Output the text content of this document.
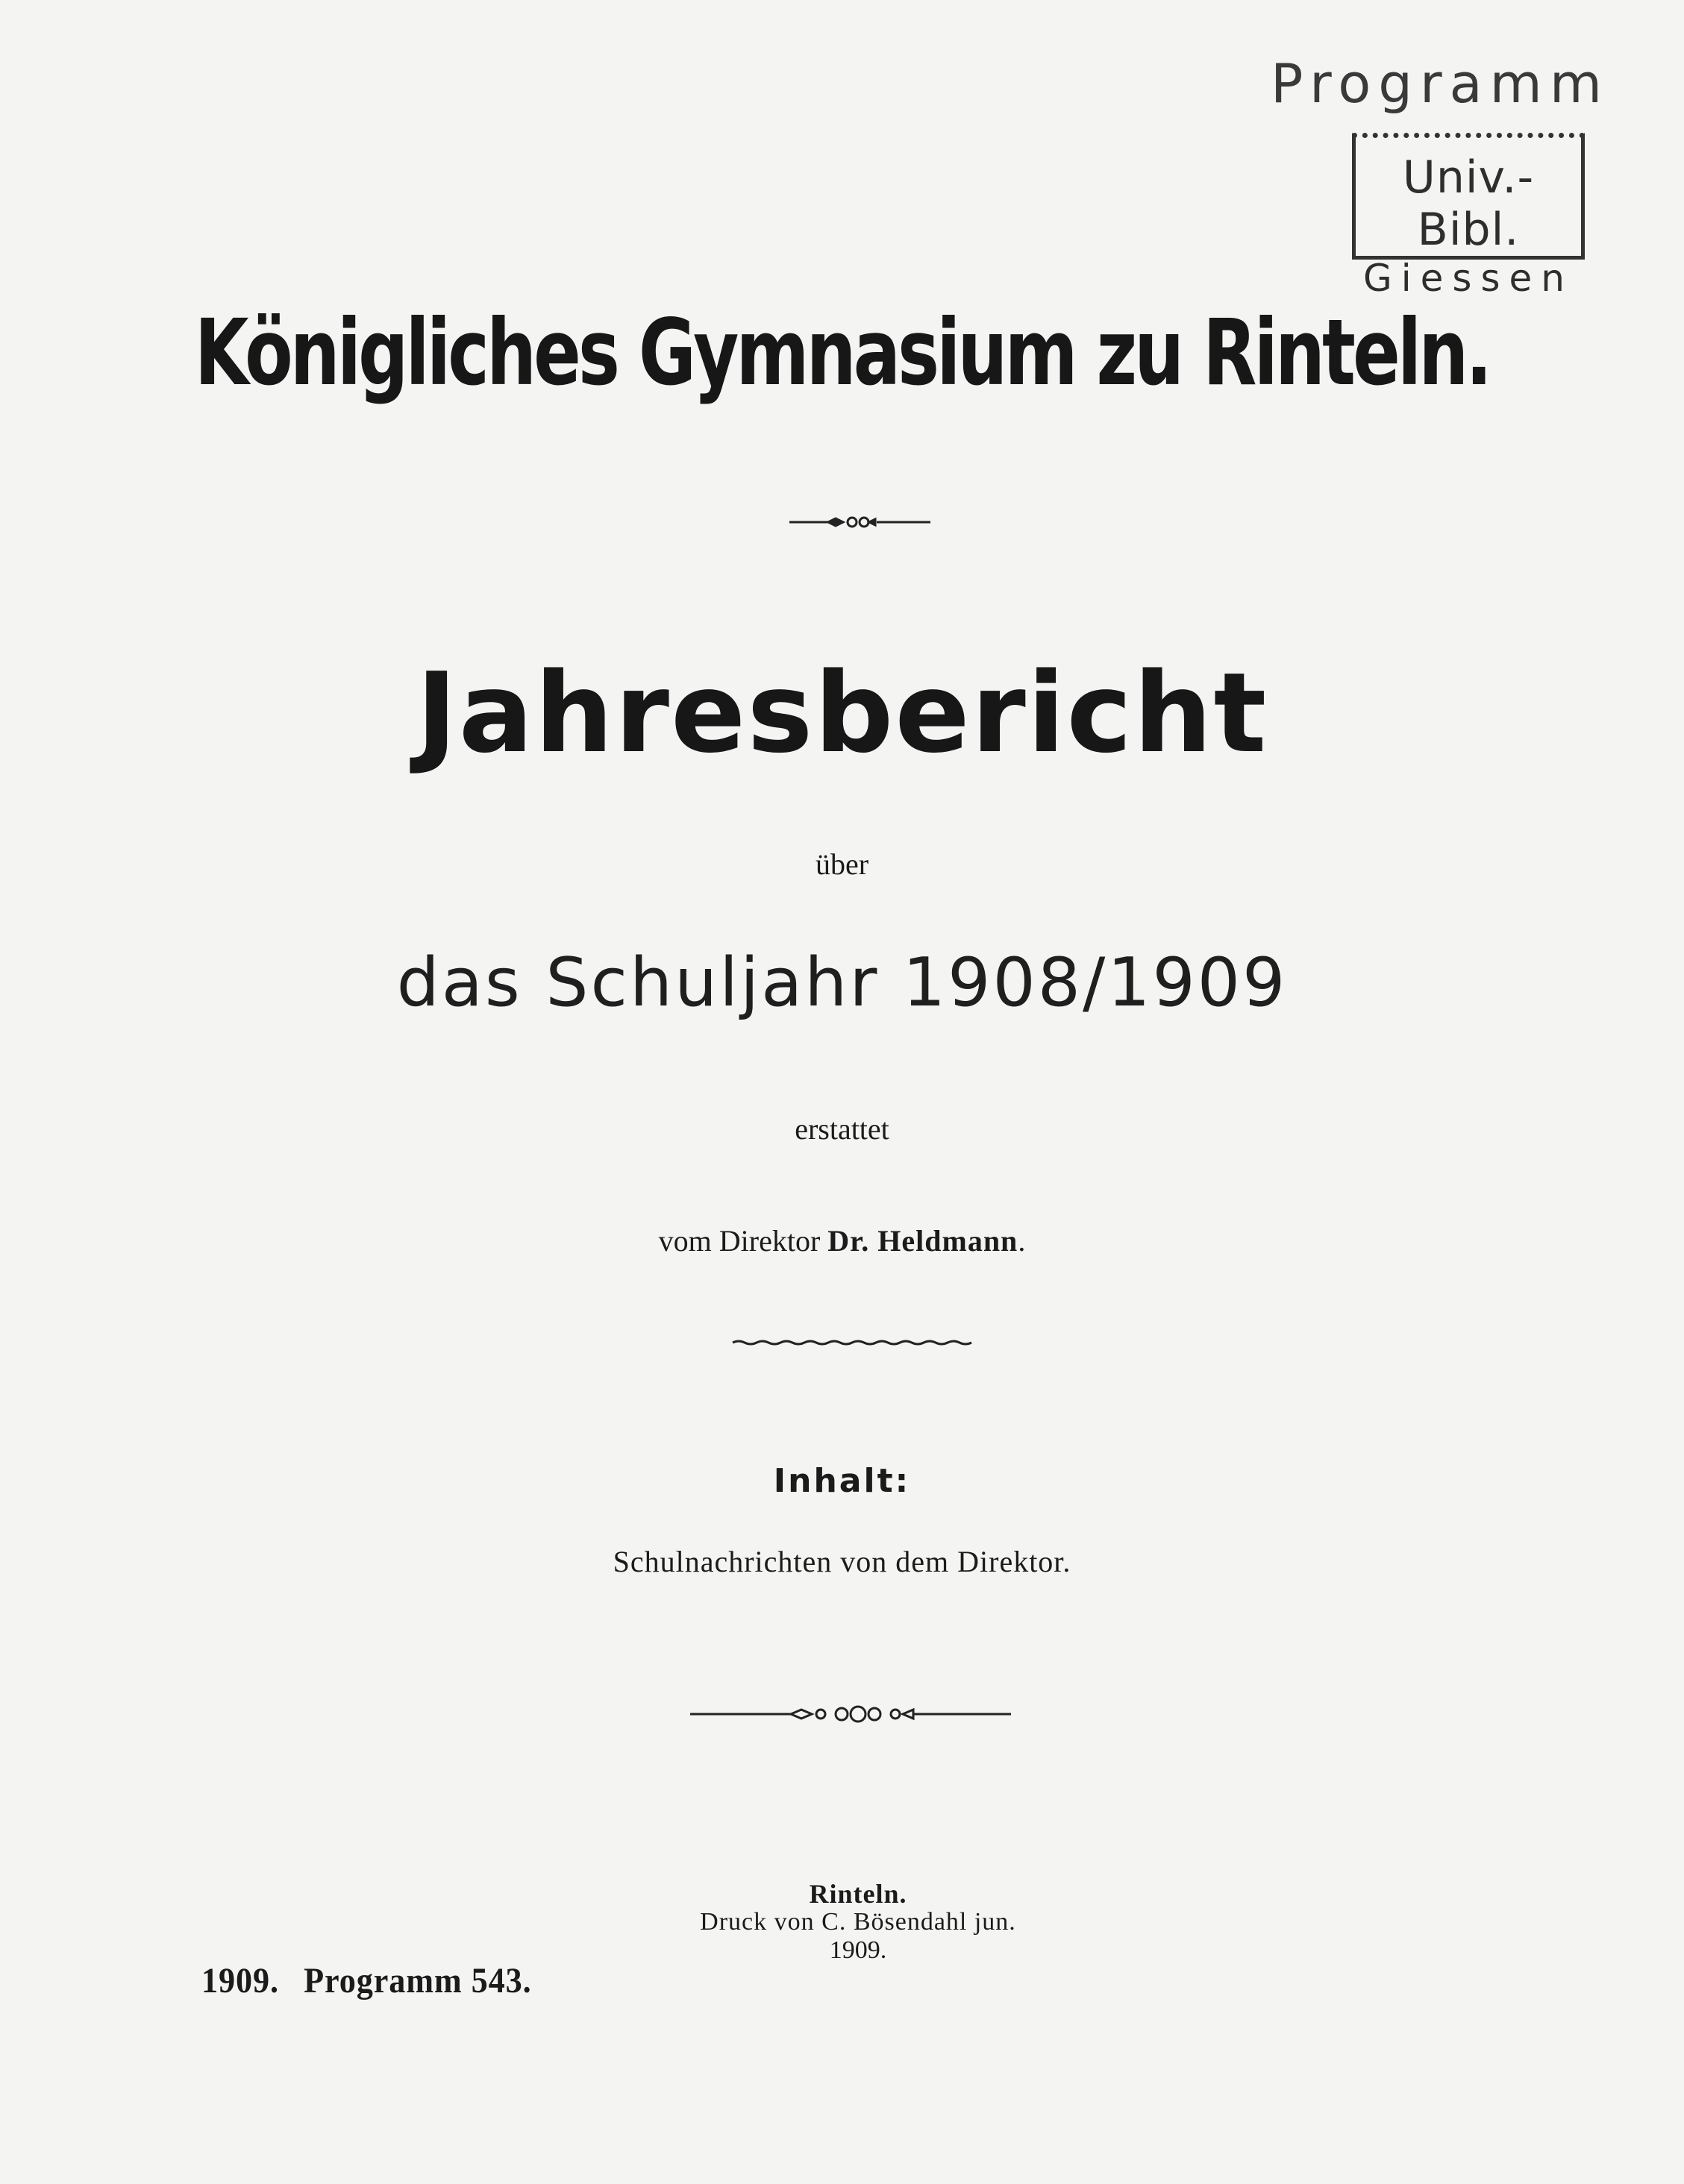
Programm
Univ.-Bibl.
Giessen
Königliches Gymnasium zu Rinteln.
Jahresbericht
über
das Schuljahr 1908/1909
erstattet
vom Direktor Dr. Heldmann.
Inhalt:
Schulnachrichten von dem Direktor.
Rinteln.
Druck von C. Bösendahl jun.
1909.
1909. Programm 543.
